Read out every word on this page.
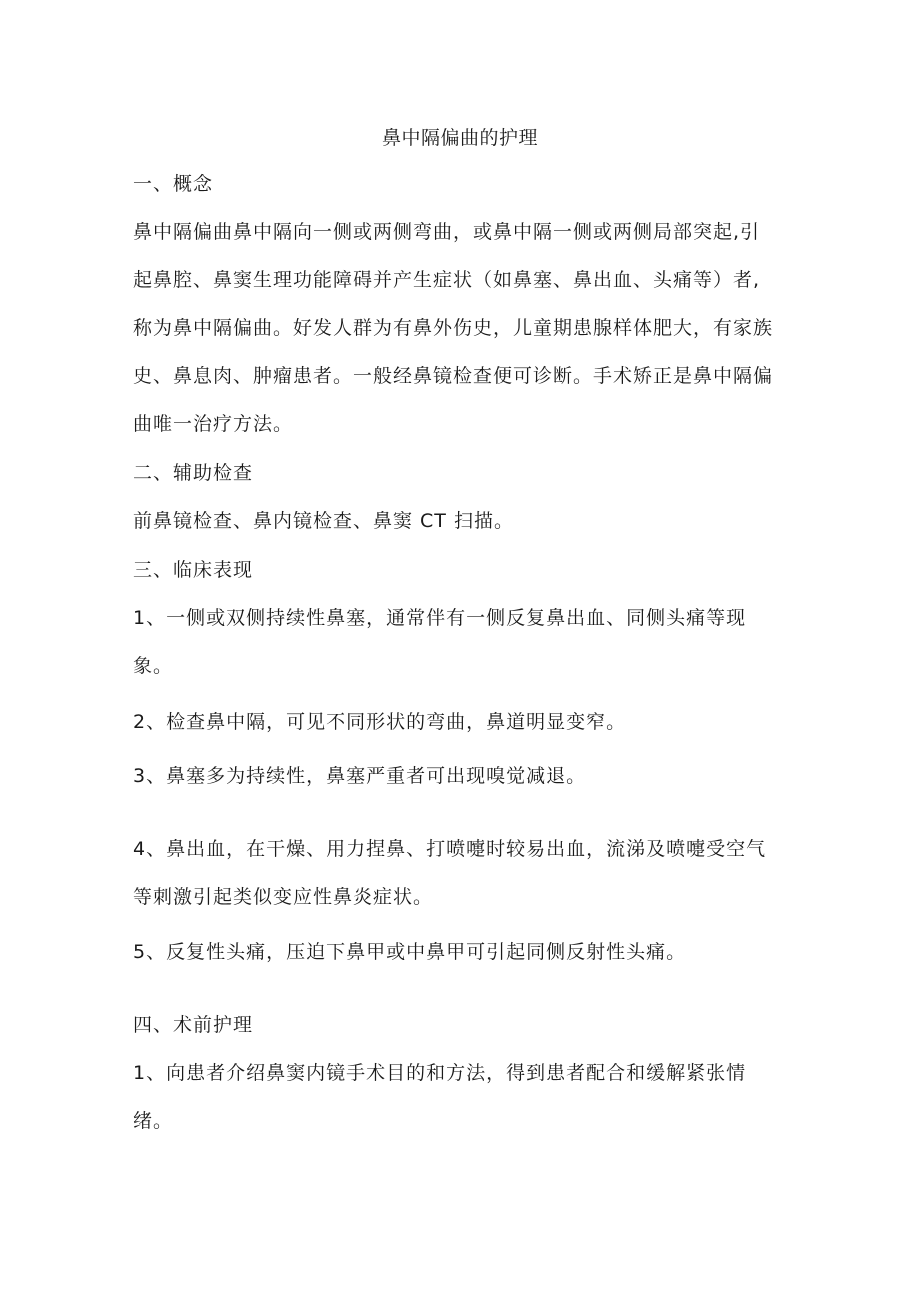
鼻中隔偏曲的护理
一、概念
鼻中隔偏曲鼻中隔向一侧或两侧弯曲，或鼻中隔一侧或两侧局部突起,引
起鼻腔、鼻窦生理功能障碍并产生症状（如鼻塞、鼻出血、头痛等）者,
称为鼻中隔偏曲。好发人群为有鼻外伤史，儿童期患腺样体肥大，有家族
史、鼻息肉、肿瘤患者。一般经鼻镜检查便可诊断。手术矫正是鼻中隔偏
曲唯一治疗方法。
二、辅助检查
前鼻镜检查、鼻内镜检查、鼻窦 CT 扫描。
三、临床表现
1、一侧或双侧持续性鼻塞，通常伴有一侧反复鼻出血、同侧头痛等现
象。
2、检查鼻中隔，可见不同形状的弯曲，鼻道明显变窄。
3、鼻塞多为持续性，鼻塞严重者可出现嗅觉减退。
4、鼻出血，在干燥、用力捏鼻、打喷嚏时较易出血，流涕及喷嚏受空气
等刺激引起类似变应性鼻炎症状。
5、反复性头痛，压迫下鼻甲或中鼻甲可引起同侧反射性头痛。
四、术前护理
1、向患者介绍鼻窦内镜手术目的和方法，得到患者配合和缓解紧张情
绪。
